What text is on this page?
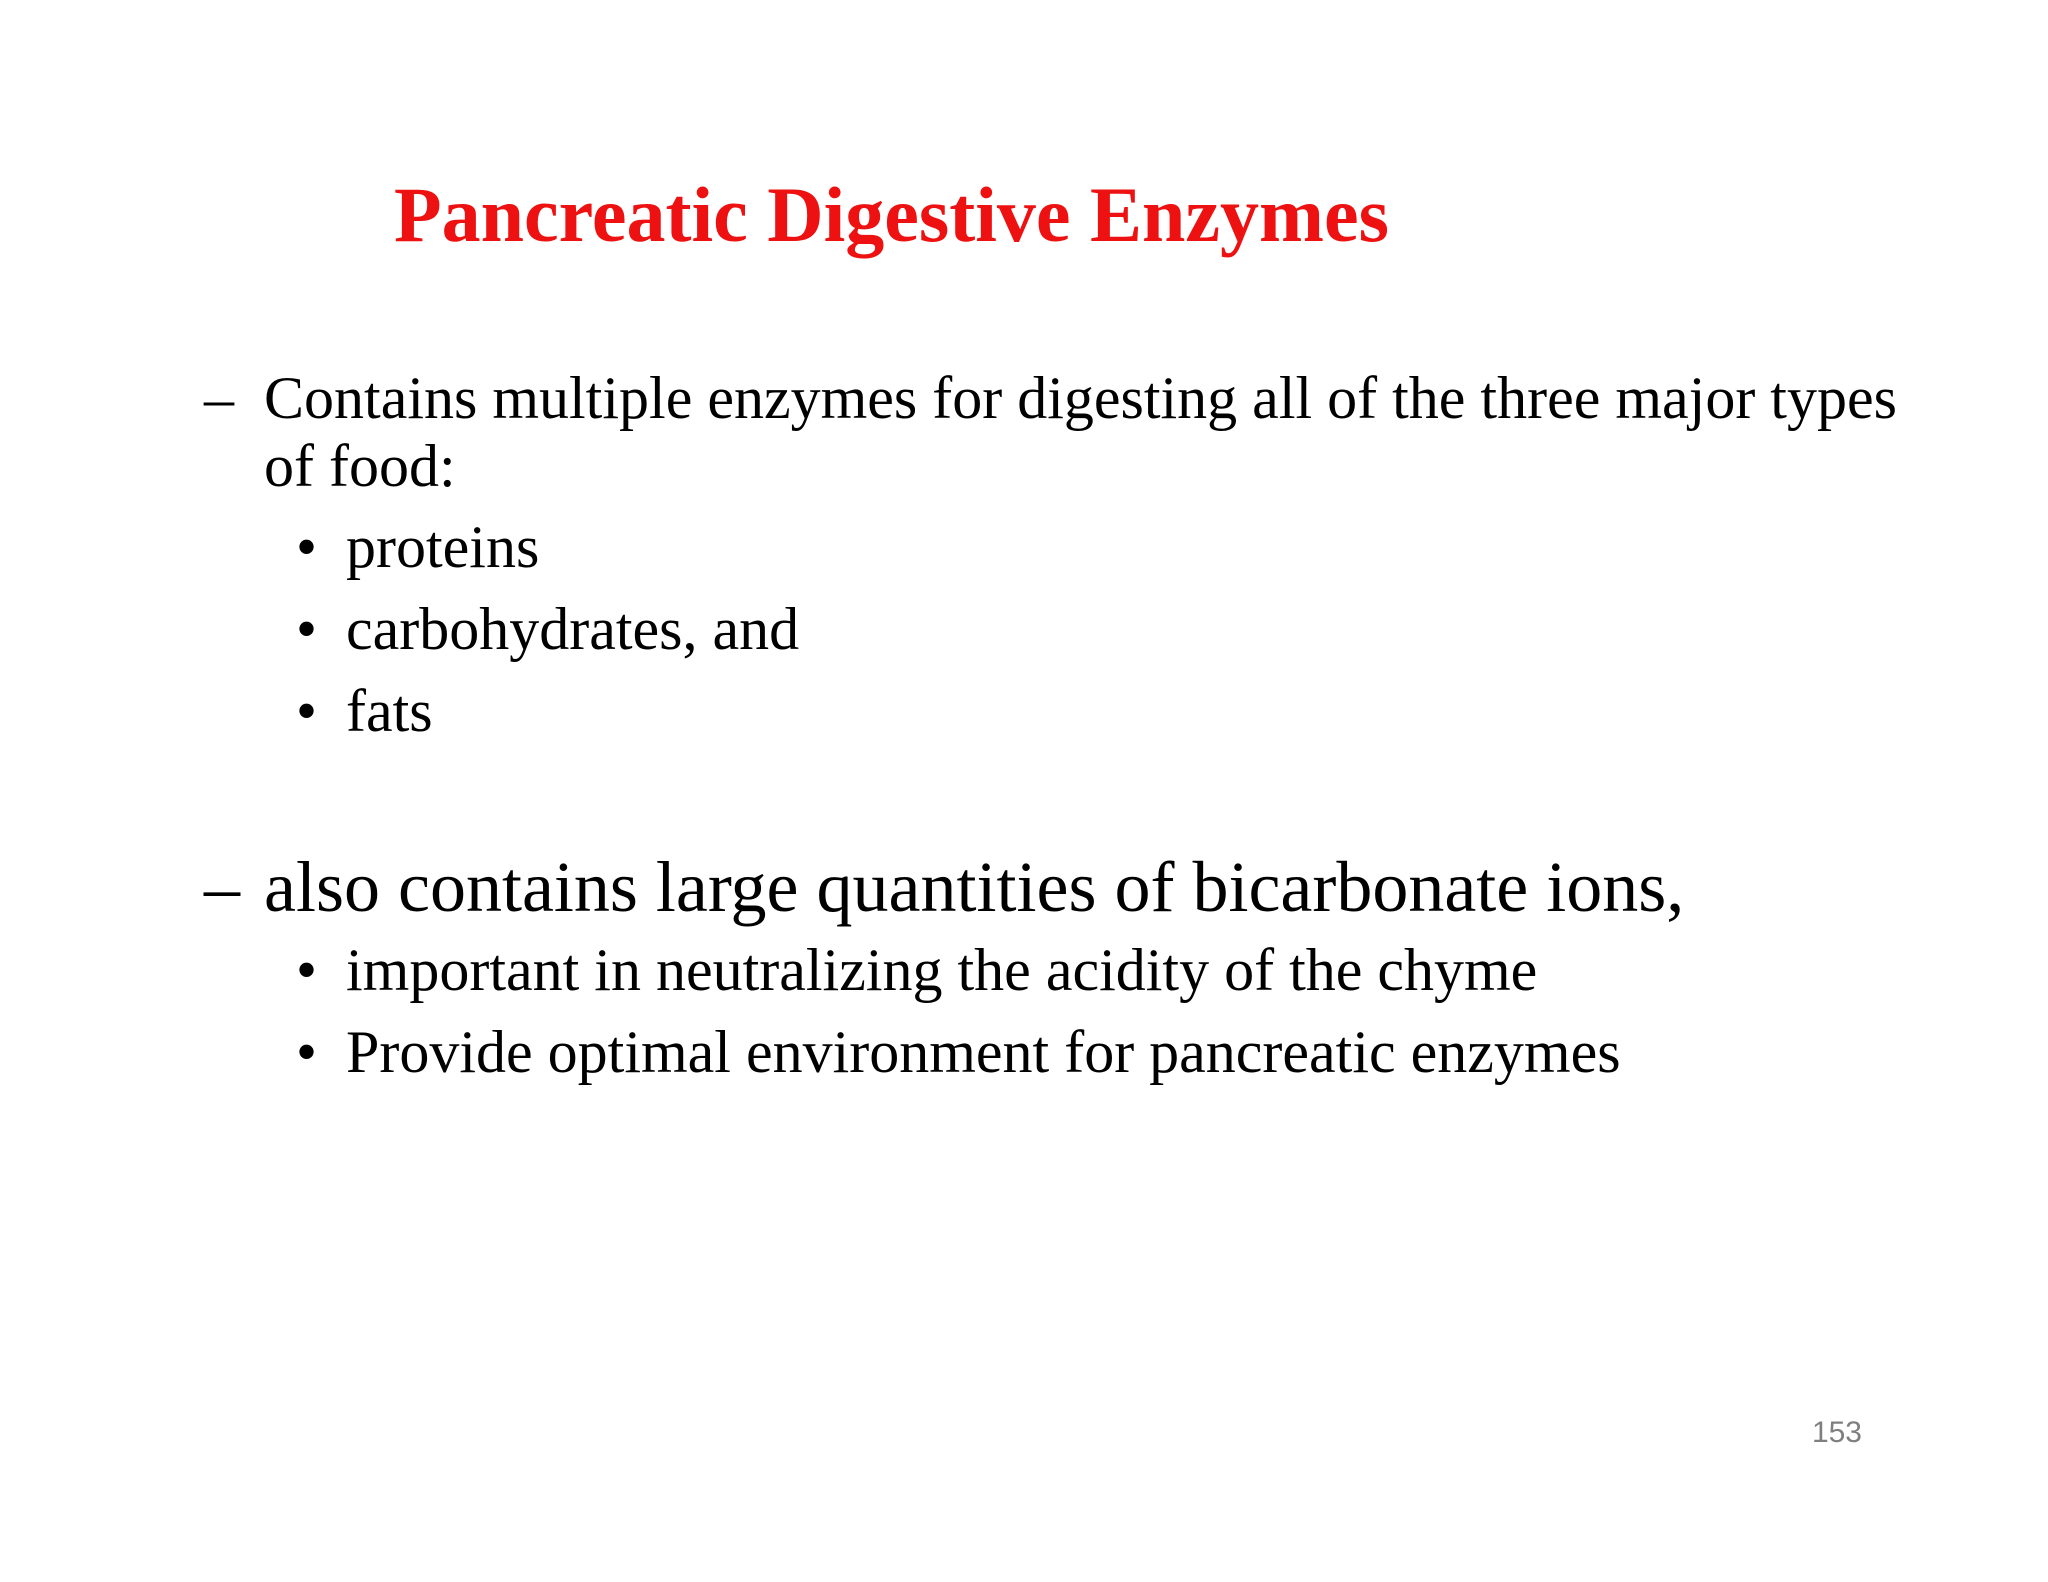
Pancreatic Digestive Enzymes
– Contains multiple enzymes for digesting all of the three major types of food:
• proteins
• carbohydrates, and
• fats
– also contains large quantities of bicarbonate ions,
• important in neutralizing the acidity of the chyme
• Provide optimal environment for pancreatic enzymes
153
